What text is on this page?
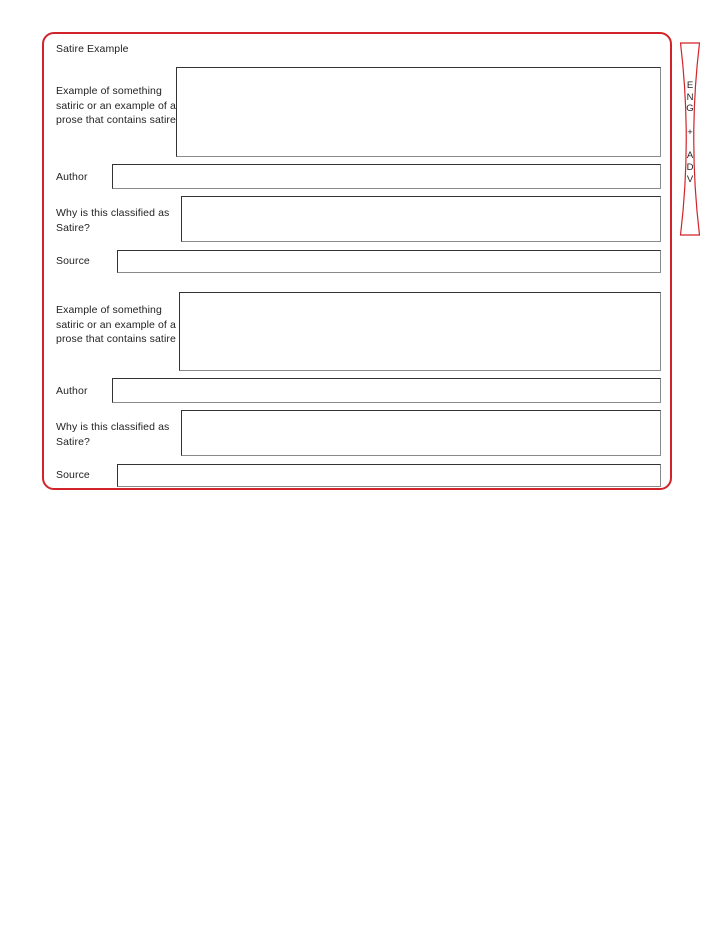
Satire Example
Example of something satiric or an example of a prose that contains satire
Author
Why is this classified as Satire?
Source
Example of something satiric or an example of a prose that contains satire
Author
Why is this classified as Satire?
Source
E
N
G

+

A
D
V
